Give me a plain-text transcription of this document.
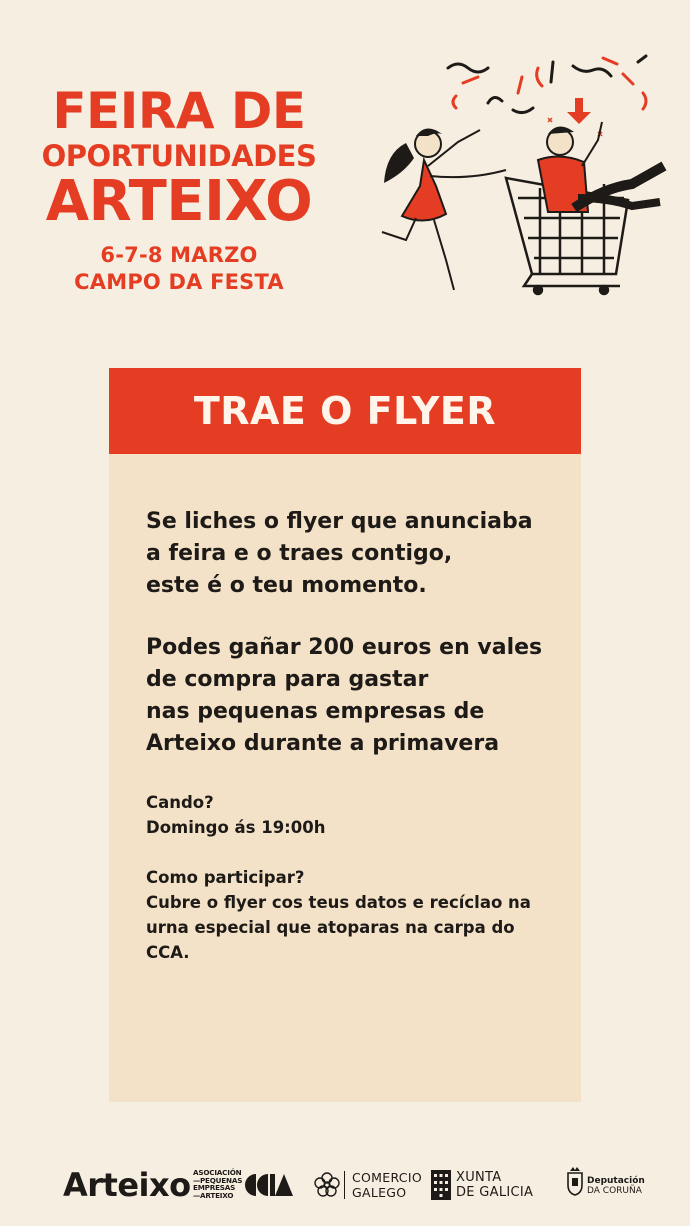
FEIRA DE
OPORTUNIDADES
ARTEIXO
6-7-8 MARZO
CAMPO DA FESTA
TRAE O FLYER

Se liches o flyer que anunciaba
a feira e o traes contigo,
este é o teu momento.

Podes gañar 200 euros en vales
de compra para gastar
nas pequenas empresas de
Arteixo durante a primavera

Cando?
Domingo ás 19:00h
Como participar?
Cubre o flyer cos teus datos e recíclao na
urna especial que atoparas na carpa do
CCA.
Arteixo ASOCIACIÓN
—PEQUENAS
EMPRESAS
—ARTEIXO
COMERCIO
GALEGO
XUNTA
DE GALICIA
Deputación
DA CORUÑA
